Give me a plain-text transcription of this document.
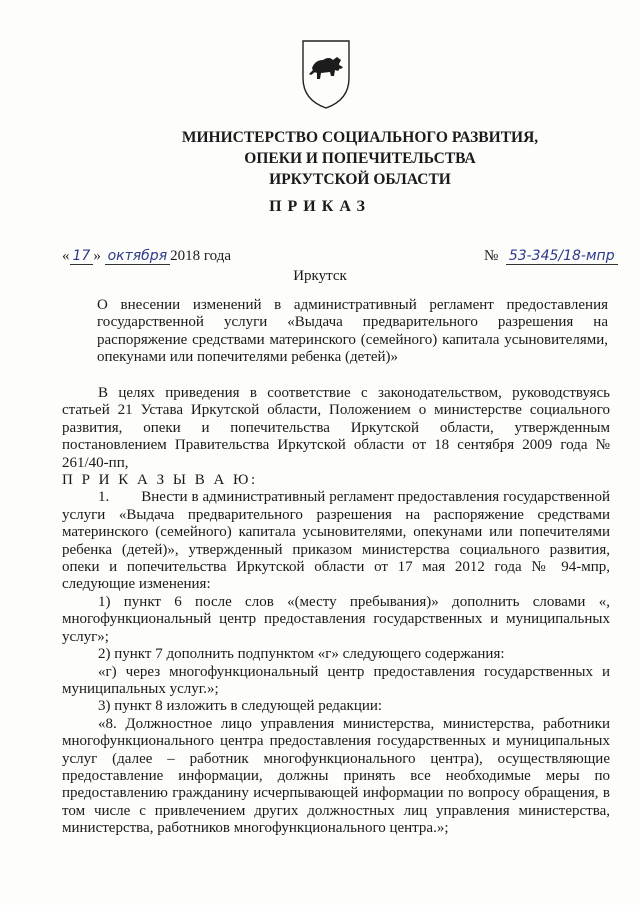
МИНИСТЕРСТВО СОЦИАЛЬНОГО РАЗВИТИЯ,
ОПЕКИ И ПОПЕЧИТЕЛЬСТВА
ИРКУТСКОЙ ОБЛАСТИ
ПРИКАЗ
« 17 » октября 2018 года	№ 53-345/18-мпр
Иркутск
О внесении изменений в административный регламент предоставления государственной услуги «Выдача предварительного разрешения на распоряжение средствами материнского (семейного) капитала усыновителями, опекунами или попечителями ребенка (детей)»

В целях приведения в соответствие с законодательством, руководствуясь статьей 21 Устава Иркутской области, Положением о министерстве социального развития, опеки и попечительства Иркутской области, утвержденным постановлением Правительства Иркутской области от 18 сентября 2009 года № 261/40-пп,

П Р И К А З Ы В А Ю:

1. Внести в административный регламент предоставления государственной услуги «Выдача предварительного разрешения на распоряжение средствами материнского (семейного) капитала усыновителями, опекунами или попечителями ребенка (детей)», утвержденный приказом министерства социального развития, опеки и попечительства Иркутской области от 17 мая 2012 года № 94-мпр, следующие изменения:

1) пункт 6 после слов «(месту пребывания)» дополнить словами «, многофункциональный центр предоставления государственных и муниципальных услуг»;

2) пункт 7 дополнить подпунктом «г» следующего содержания:

«г) через многофункциональный центр предоставления государственных и муниципальных услуг.»;

3) пункт 8 изложить в следующей редакции:

«8. Должностное лицо управления министерства, министерства, работники многофункционального центра предоставления государственных и муниципальных услуг (далее – работник многофункционального центра), осуществляющие предоставление информации, должны принять все необходимые меры по предоставлению гражданину исчерпывающей информации по вопросу обращения, в том числе с привлечением других должностных лиц управления министерства, министерства, работников многофункционального центра.»;
